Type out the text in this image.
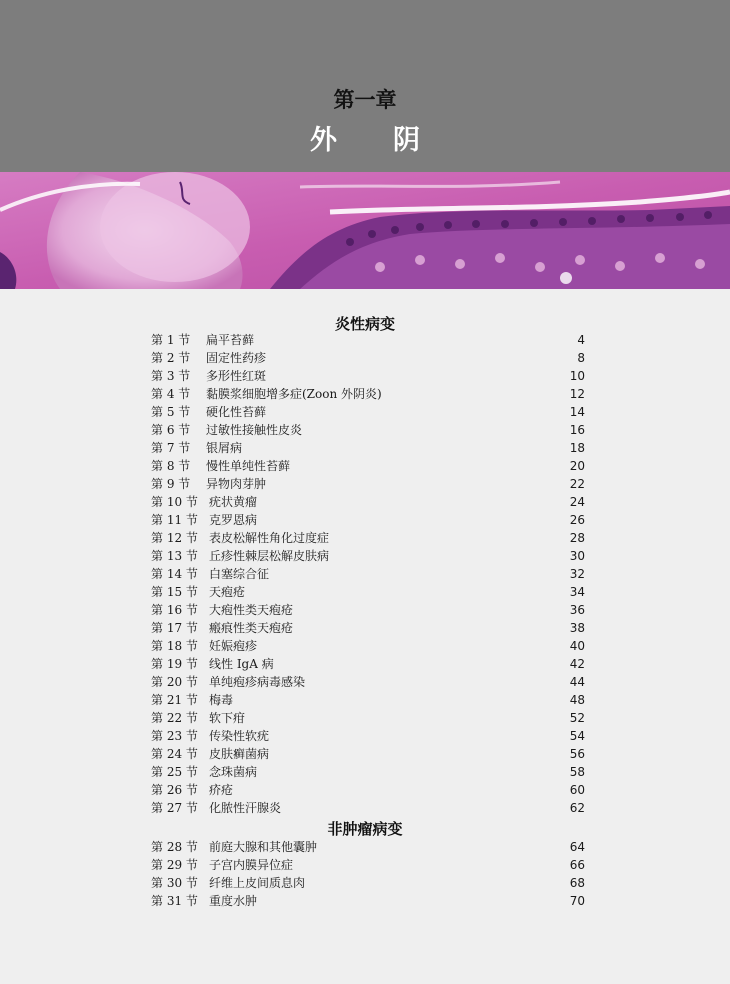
第一章
外阴
炎性病变
第 1 节 扁平苔藓	4
第 2 节 固定性药疹	8
第 3 节 多形性红斑	10
第 4 节 黏膜浆细胞增多症(Zoon 外阴炎)	12
第 5 节 硬化性苔藓	14
第 6 节 过敏性接触性皮炎	16
第 7 节 银屑病	18
第 8 节 慢性单纯性苔藓	20
第 9 节 异物肉芽肿	22
第 10 节 疣状黄瘤	24
第 11 节 克罗恩病	26
第 12 节 表皮松解性角化过度症	28
第 13 节 丘疹性棘层松解皮肤病	30
第 14 节 白塞综合征	32
第 15 节 天疱疮	34
第 16 节 大疱性类天疱疮	36
第 17 节 瘢痕性类天疱疮	38
第 18 节 妊娠疱疹	40
第 19 节 线性 IgA 病	42
第 20 节 单纯疱疹病毒感染	44
第 21 节 梅毒	48
第 22 节 软下疳	52
第 23 节 传染性软疣	54
第 24 节 皮肤癣菌病	56
第 25 节 念珠菌病	58
第 26 节 疥疮	60
第 27 节 化脓性汗腺炎	62
非肿瘤病变
第 28 节 前庭大腺和其他囊肿	64
第 29 节 子宫内膜异位症	66
第 30 节 纤维上皮间质息肉	68
第 31 节 重度水肿	70
